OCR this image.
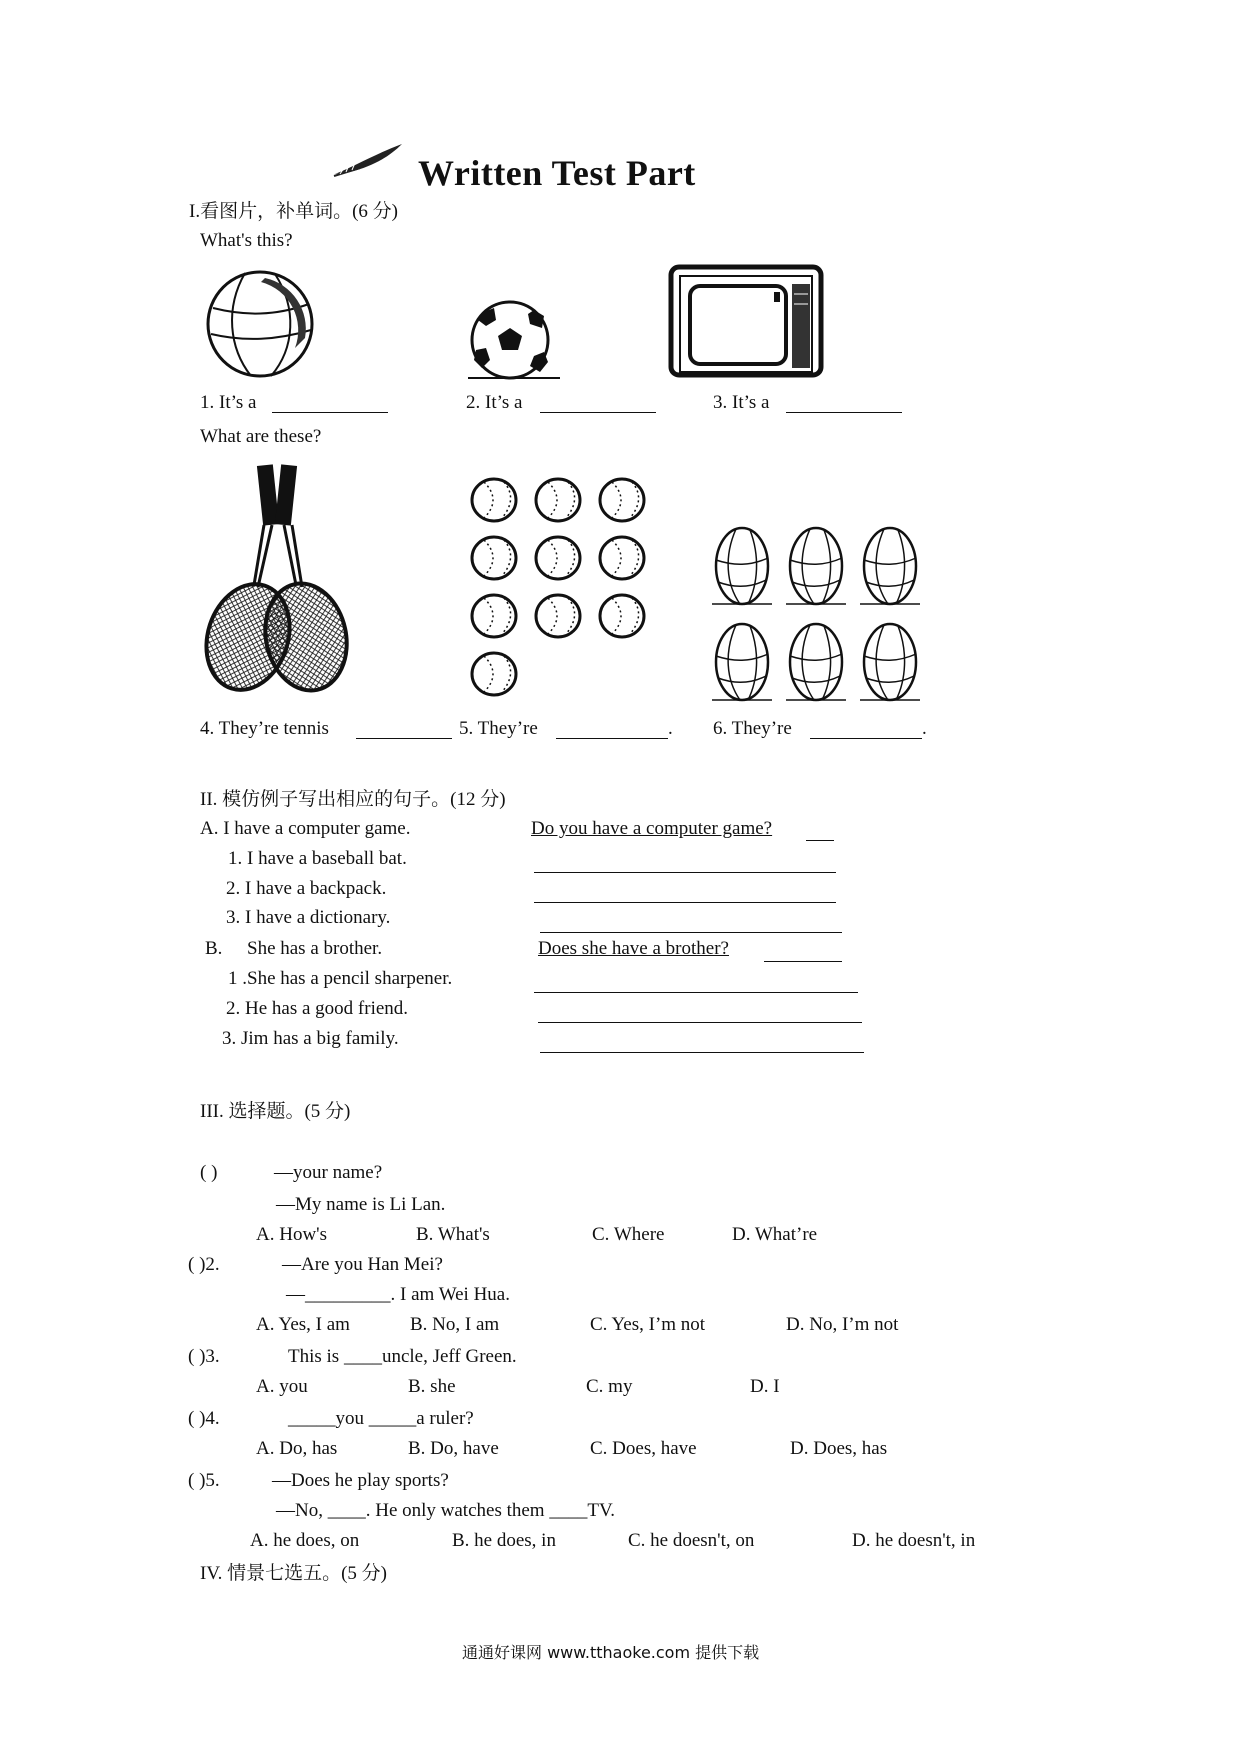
Written Test Part
I.看图片，补单词。(6 分)
What's this?
1. It’s a	2. It’s a	3. It’s a
What are these?
4. They’re tennis	5. They’re	. 6. They’re	.
II. 模仿例子写出相应的句子。(12 分)
A. I have a computer game.	Do you have a computer game?
1. I have a baseball bat.
2. I have a backpack.
3. I have a dictionary.
B. She has a brother.	Does she have a brother?
1 .She has a pencil sharpener.
2. He has a good friend.
3. Jim has a big family.
III. 选择题。(5 分)
( )	—your name?
—My name is Li Lan.
A. How's	B. What's	C. Where	D. What’re
( )2.	—Are you Han Mei?
—_________. I am Wei Hua.
A. Yes, I am	B. No, I am	C. Yes, I’m not	D. No, I’m not
( )3.	This is ____uncle, Jeff Green.
A. you	B. she	C. my	D. I
( )4.	_____you _____a ruler?
A. Do, has	B. Do, have	C. Does, have	D. Does, has
( )5.	—Does he play sports?
—No, ____. He only watches them ____TV.
A. he does, on	B. he does, in	C. he doesn't, on	D. he doesn't, in
IV. 情景七选五。(5 分)
通通好课网 www.tthaoke.com 提供下载
